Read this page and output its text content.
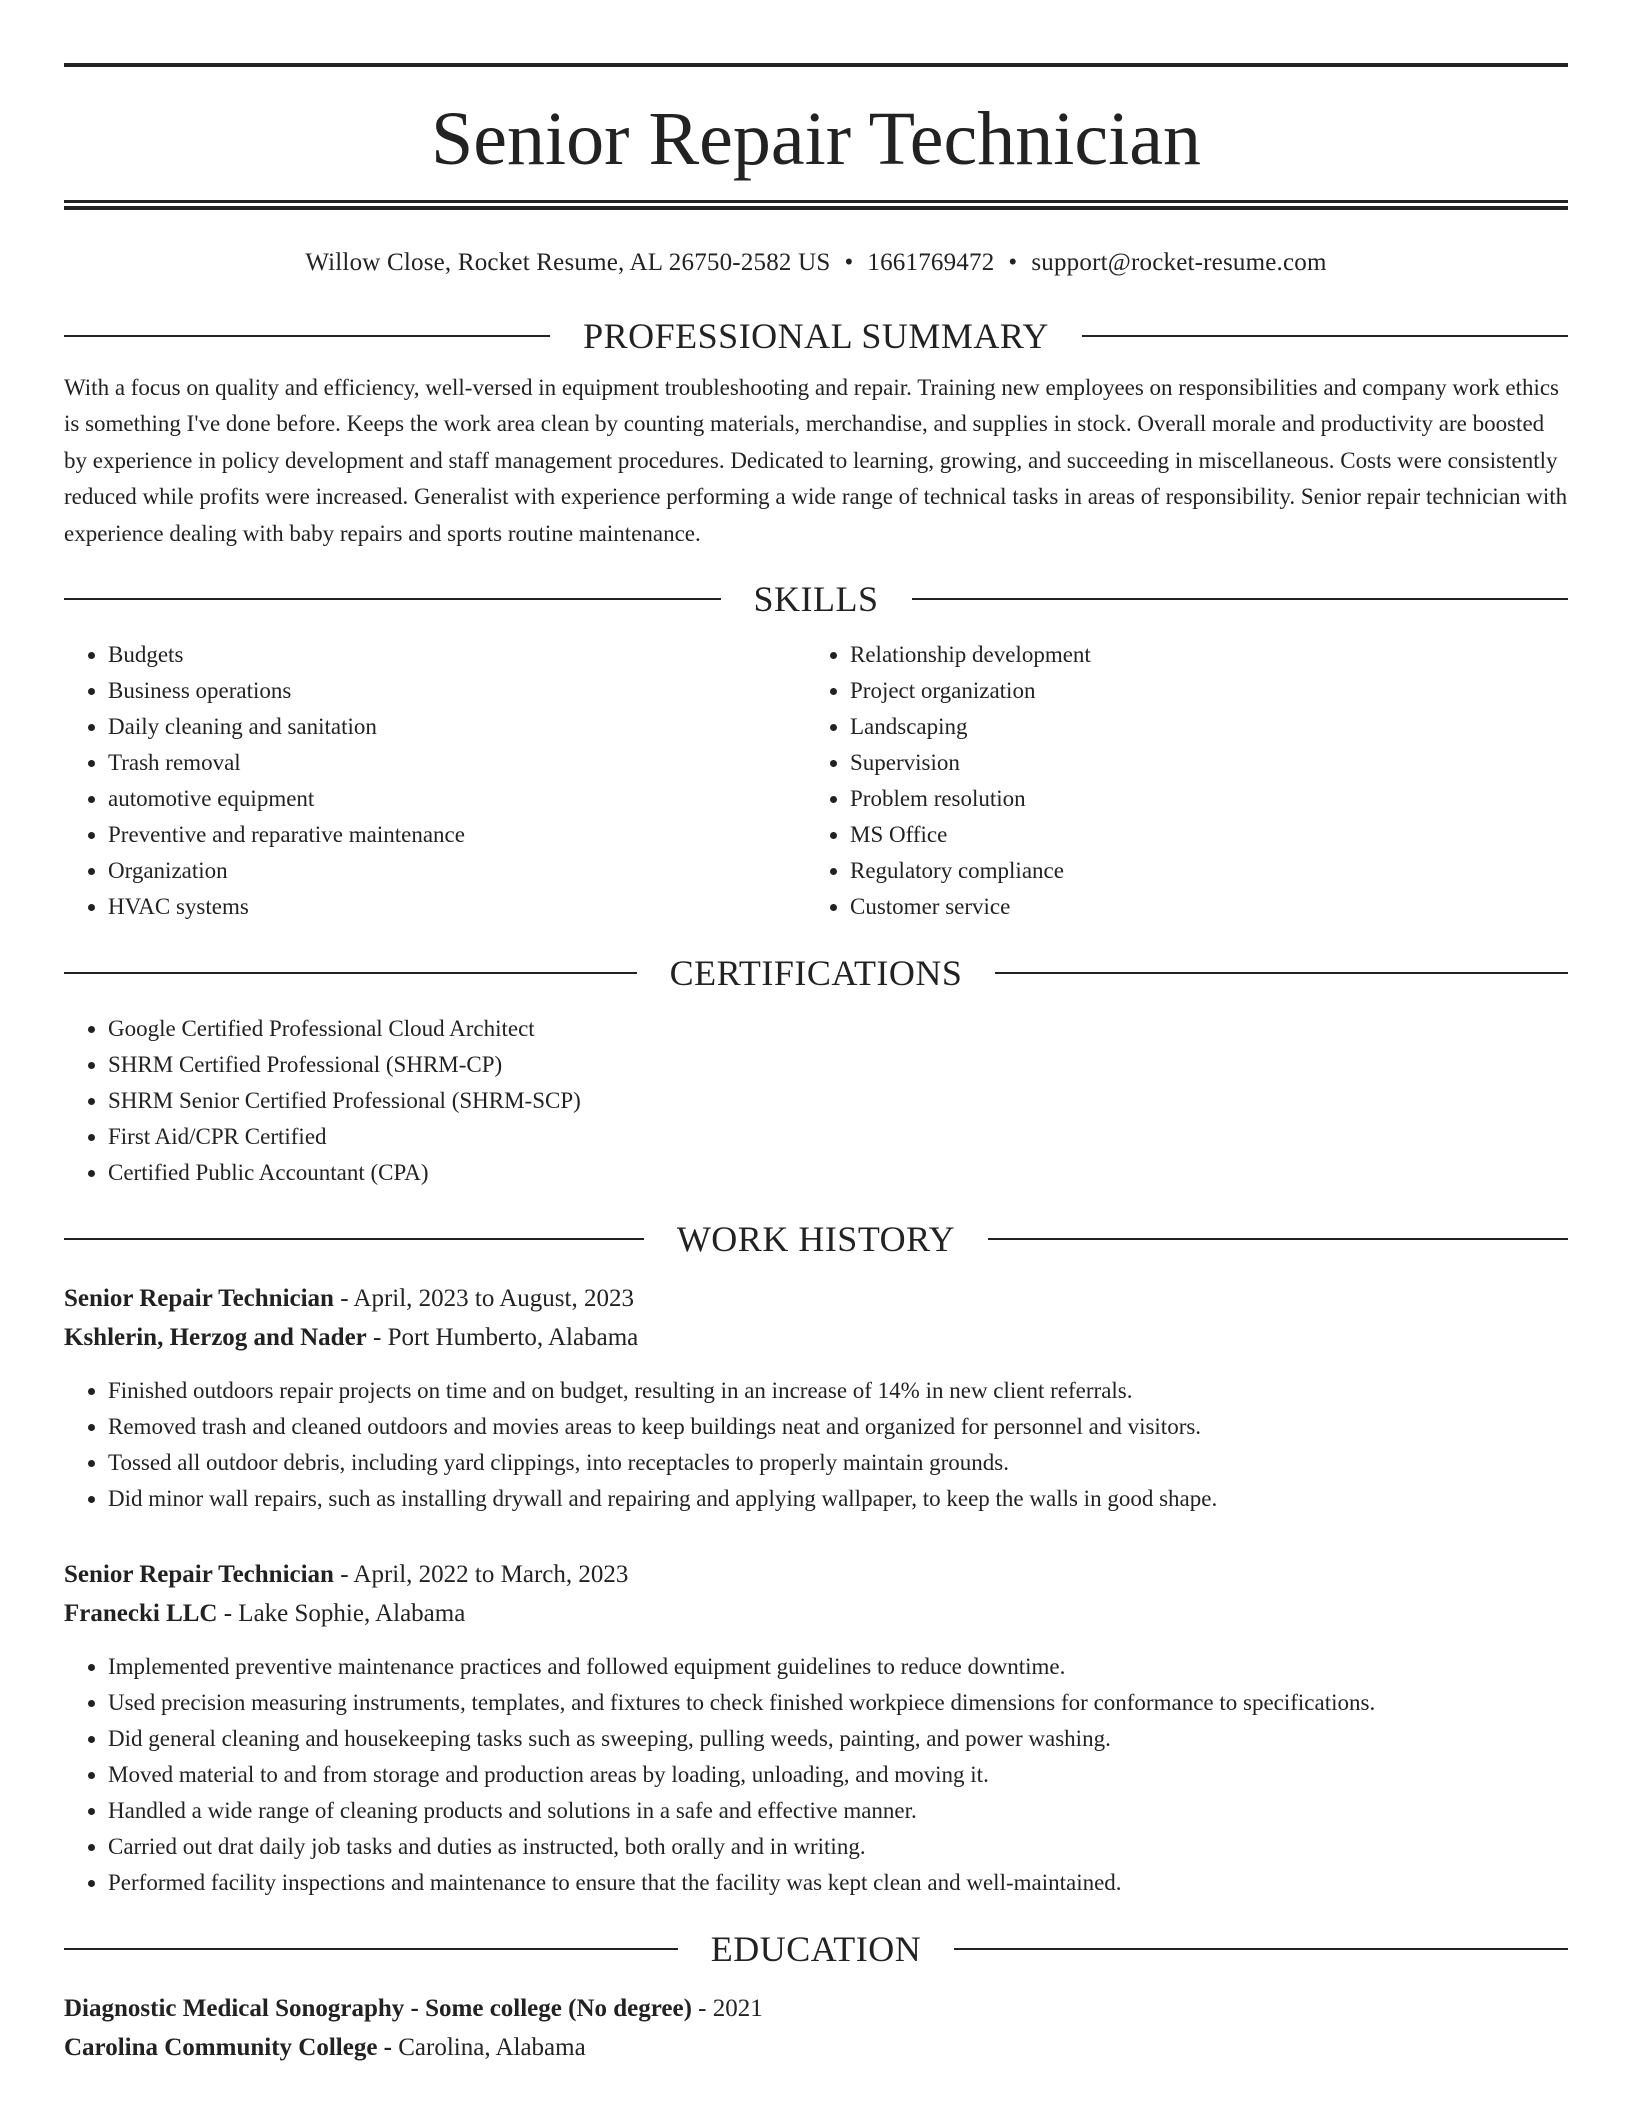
Senior Repair Technician
Willow Close, Rocket Resume, AL 26750-2582 US • 1661769472 • support@rocket-resume.com
PROFESSIONAL SUMMARY
With a focus on quality and efficiency, well-versed in equipment troubleshooting and repair. Training new employees on responsibilities and company work ethics is something I've done before. Keeps the work area clean by counting materials, merchandise, and supplies in stock. Overall morale and productivity are boosted by experience in policy development and staff management procedures. Dedicated to learning, growing, and succeeding in miscellaneous. Costs were consistently reduced while profits were increased. Generalist with experience performing a wide range of technical tasks in areas of responsibility. Senior repair technician with experience dealing with baby repairs and sports routine maintenance.
SKILLS
• Budgets
• Business operations
• Daily cleaning and sanitation
• Trash removal
• automotive equipment
• Preventive and reparative maintenance
• Organization
• HVAC systems
• Relationship development
• Project organization
• Landscaping
• Supervision
• Problem resolution
• MS Office
• Regulatory compliance
• Customer service
CERTIFICATIONS
• Google Certified Professional Cloud Architect
• SHRM Certified Professional (SHRM-CP)
• SHRM Senior Certified Professional (SHRM-SCP)
• First Aid/CPR Certified
• Certified Public Accountant (CPA)
WORK HISTORY
Senior Repair Technician - April, 2023 to August, 2023
Kshlerin, Herzog and Nader - Port Humberto, Alabama
• Finished outdoors repair projects on time and on budget, resulting in an increase of 14% in new client referrals.
• Removed trash and cleaned outdoors and movies areas to keep buildings neat and organized for personnel and visitors.
• Tossed all outdoor debris, including yard clippings, into receptacles to properly maintain grounds.
• Did minor wall repairs, such as installing drywall and repairing and applying wallpaper, to keep the walls in good shape.
Senior Repair Technician - April, 2022 to March, 2023
Franecki LLC - Lake Sophie, Alabama
• Implemented preventive maintenance practices and followed equipment guidelines to reduce downtime.
• Used precision measuring instruments, templates, and fixtures to check finished workpiece dimensions for conformance to specifications.
• Did general cleaning and housekeeping tasks such as sweeping, pulling weeds, painting, and power washing.
• Moved material to and from storage and production areas by loading, unloading, and moving it.
• Handled a wide range of cleaning products and solutions in a safe and effective manner.
• Carried out drat daily job tasks and duties as instructed, both orally and in writing.
• Performed facility inspections and maintenance to ensure that the facility was kept clean and well-maintained.
EDUCATION
Diagnostic Medical Sonography - Some college (No degree) - 2021
Carolina Community College - Carolina, Alabama
